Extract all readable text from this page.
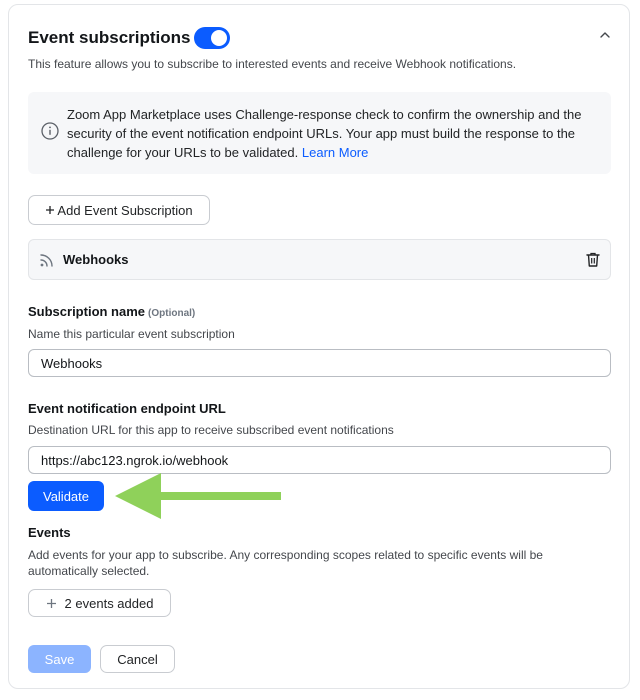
Event subscriptions
This feature allows you to subscribe to interested events and receive Webhook notifications.
Zoom App Marketplace uses Challenge-response check to confirm the ownership and the security of the event notification endpoint URLs. Your app must build the response to the challenge for your URLs to be validated. Learn More
Add Event Subscription
Webhooks
Subscription name (Optional)
Name this particular event subscription
Webhooks
Event notification endpoint URL
Destination URL for this app to receive subscribed event notifications
https://abc123.ngrok.io/webhook
Validate
Events
Add events for your app to subscribe. Any corresponding scopes related to specific events will be automatically selected.
2 events added
Save	Cancel
